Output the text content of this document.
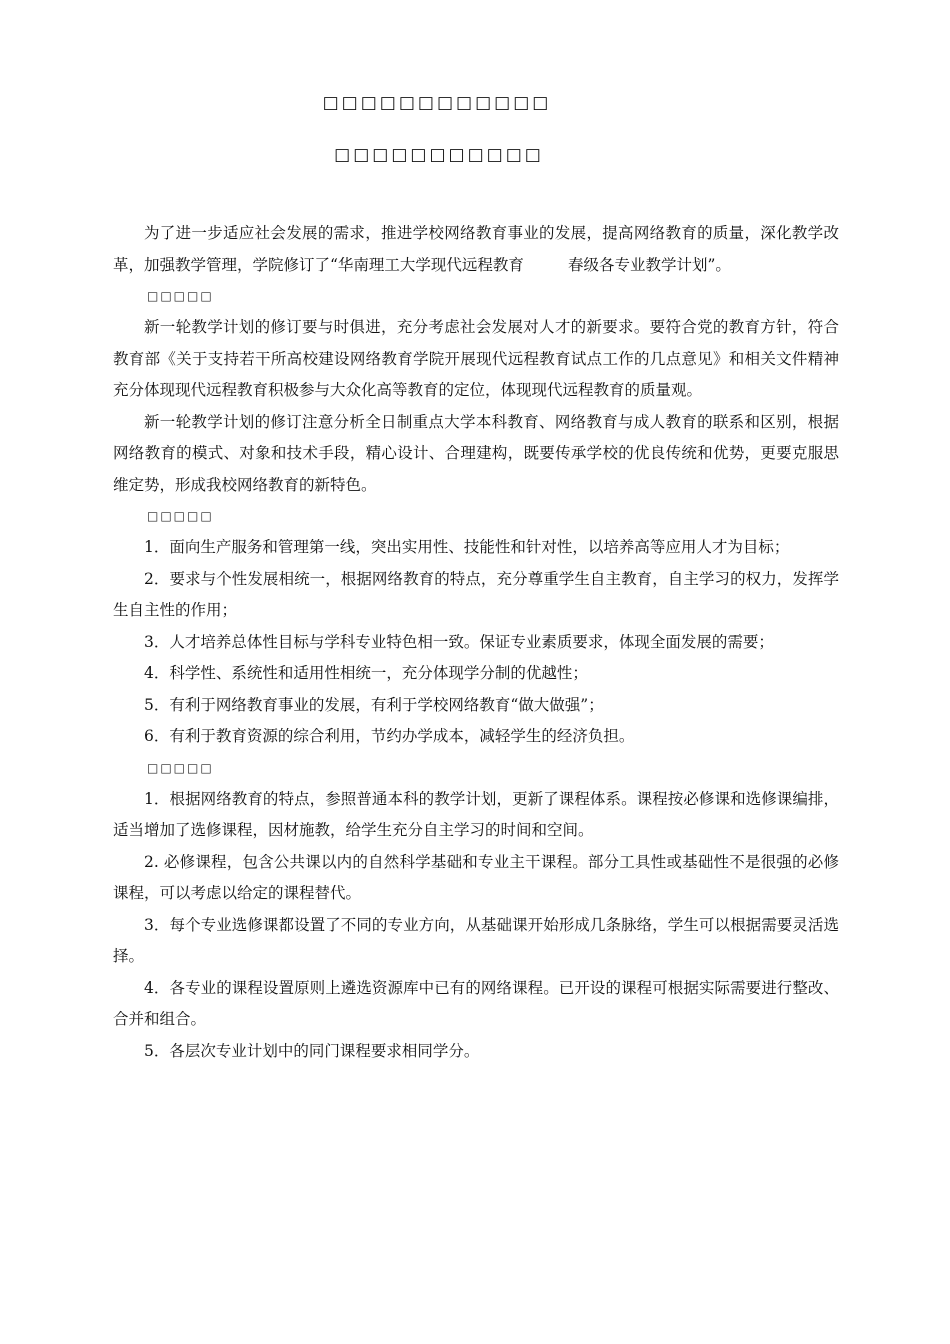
□□□□□□□□□□□□
□□□□□□□□□□□

为了进一步适应社会发展的需求，推进学校网络教育事业的发展，提高网络教育的质量，深化教学改革，加强教学管理，学院修订了“华南理工大学现代远程教育	春级各专业教学计划”。

□□□□□

新一轮教学计划的修订要与时俱进，充分考虑社会发展对人才的新要求。要符合党的教育方针，符合教育部《关于支持若干所高校建设网络教育学院开展现代远程教育试点工作的几点意见》和相关文件精神 充分体现现代远程教育积极参与大众化高等教育的定位，体现现代远程教育的质量观。

新一轮教学计划的修订注意分析全日制重点大学本科教育、网络教育与成人教育的联系和区别，根据网络教育的模式、对象和技术手段，精心设计、合理建构，既要传承学校的优良传统和优势，更要克服思维定势，形成我校网络教育的新特色。

□□□□□

1．面向生产服务和管理第一线，突出实用性、技能性和针对性，以培养高等应用人才为目标；

2．要求与个性发展相统一，根据网络教育的特点，充分尊重学生自主教育，自主学习的权力，发挥学生自主性的作用；

3．人才培养总体性目标与学科专业特色相一致。保证专业素质要求，体现全面发展的需要；

4．科学性、系统性和适用性相统一，充分体现学分制的优越性；

5．有利于网络教育事业的发展，有利于学校网络教育“做大做强”；

6．有利于教育资源的综合利用，节约办学成本，减轻学生的经济负担。

□□□□□

1．根据网络教育的特点，参照普通本科的教学计划，更新了课程体系。课程按必修课和选修课编排，适当增加了选修课程，因材施教，给学生充分自主学习的时间和空间。

2. 必修课程，包含公共课以内的自然科学基础和专业主干课程。部分工具性或基础性不是很强的必修课程，可以考虑以给定的课程替代。

3．每个专业选修课都设置了不同的专业方向，从基础课开始形成几条脉络，学生可以根据需要灵活选择。

4．各专业的课程设置原则上遴选资源库中已有的网络课程。已开设的课程可根据实际需要进行整改、合并和组合。

5．各层次专业计划中的同门课程要求相同学分。
